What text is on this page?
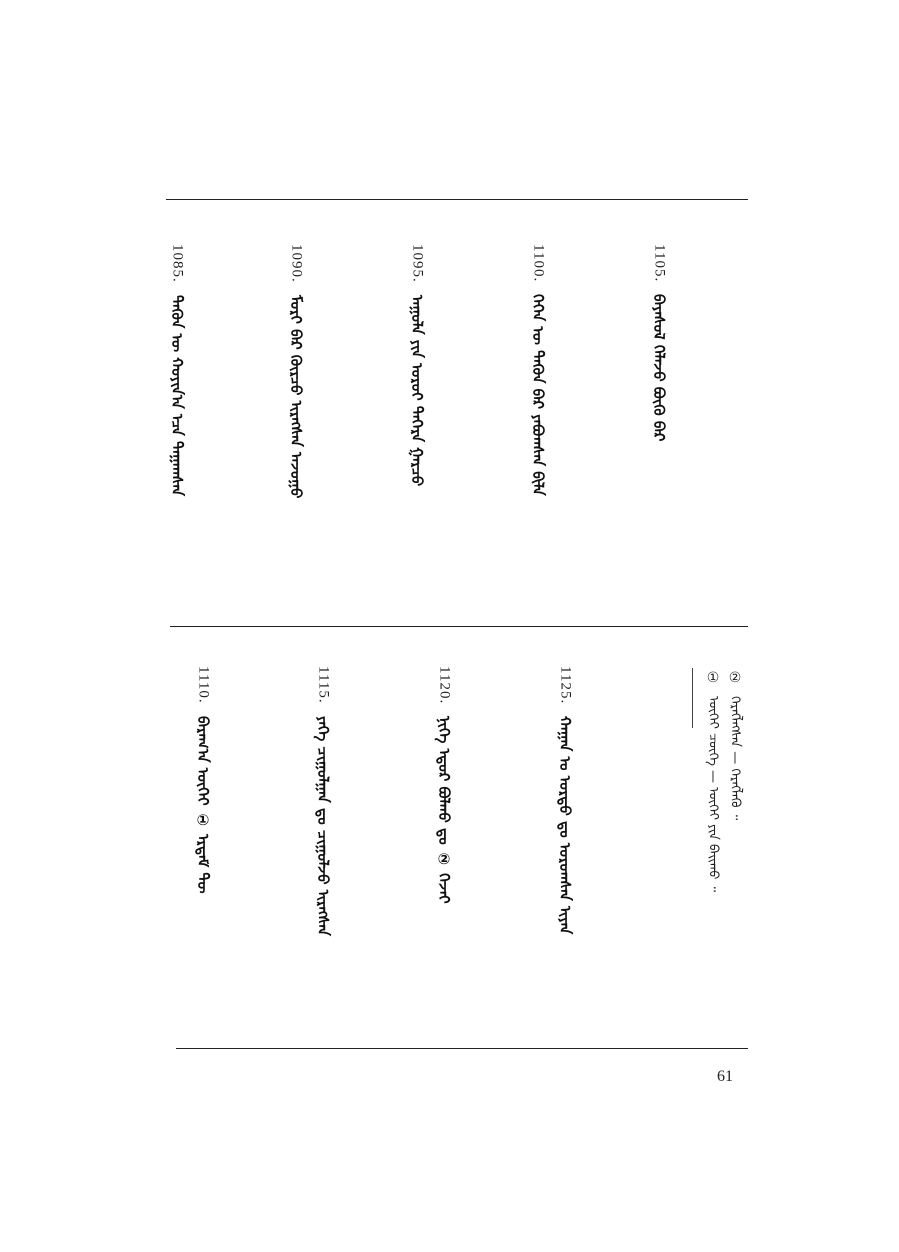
1105.
ᠪᠠᠶᠠᠰᠤᠯ ᠬᠡᠯᠡᠵᠦ ᠪᠦᠬᠦ ᠪᠡᠷ
1100.
ᠭᠡᠭᠡᠨ ᠦ ᠲᠡᠭᠦᠨ ᠪᠡᠷ ᠶᠠᠪᠤᠭᠰᠠᠨ ᠪᠢᠯᠡ
1095.
ᠠᠭᠤᠯᠠ ᠶᠢᠨ ᠣᠷᠤᠢ ᠳᠡᠭᠡᠷᠡ ᠭᠠᠷᠴᠤ
1090.
ᠮᠣᠷᠢ ᠪᠠᠷ ᠬᠦᠷᠴᠦ ᠢᠷᠡᠭᠰᠡᠨ ᠠᠵᠤᠭᠤ
1085.
ᠲᠡᠭᠦᠨ ᠦ ᠬᠣᠶᠢᠨ᠎ᠠ ᠡᠴᠡ ᠳᠠᠭᠠᠭᠰᠠᠨ
②
ᠬᠡᠷᠡᠭᠯᠡᠭᠰᠡᠨ — ᠬᠡᠷᠡᠭᠯᠡᠬᠦ ᠃
①
ᠦᠭᠡᠢ ᠴᠥᠬᠡ — ᠦᠭᠡᠢ ᠶᠢᠨ ᠪᠠᠢᠬᠤ ᠃
1125.
ᠬᠠᠭᠠᠨ ᠤ ᠣᠷᠳᠤ ᠳᠤ ᠣᠷᠤᠭᠰᠠᠨ ᠢᠶᠠᠨ
1120.
ᠨᠢᠭᠡ ᠡᠳᠦᠷ ᠪᠣᠯᠬᠤ ᠳᠤ ② ᠭᠡᠵᠡᠢ
1115.
ᠶᠡᠬᠡ ᠴᠢᠭᠤᠯᠭᠠᠨ ᠳᠤ ᠴᠢᠭᠤᠯᠵᠤ ᠢᠷᠡᠭᠰᠡᠨ
1110.
ᠪᠠᠷᠠᠭ᠎ᠠ ᠦᠭᠡᠢ ① ᠡᠷᠳᠡᠮ ᠲᠦ
61
